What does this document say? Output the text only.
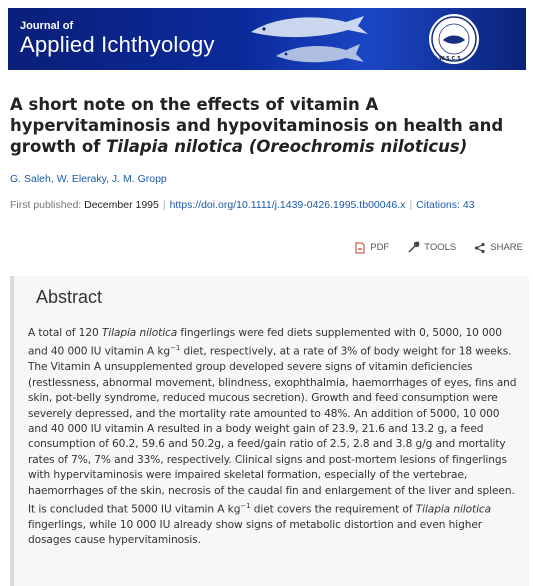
Journal of
Applied Ichthyology
W.S.C.S.
A short note on the effects of vitamin A hypervitaminosis and hypovitaminosis on health and growth of Tilapia nilotica (Oreochromis niloticus)
G. Saleh, W. Eleraky, J. M. Gropp
First published: December 1995 | https://doi.org/10.1111/j.1439-0426.1995.tb00046.x | Citations: 43
PDF	TOOLS	SHARE
Abstract

A total of 120 Tilapia nilotica fingerlings were fed diets supplemented with 0, 5000, 10 000 and 40 000 IU vitamin A $kg^{-1}$ diet, respectively, at a rate of 3% of body weight for 18 weeks. The Vitamin A unsupplemented group developed severe signs of vitamin deficiencies (restlessness, abnormal movement, blindness, exophthalmia, haemorrhages of eyes, fins and skin, pot-belly syndrome, reduced mucous secretion). Growth and feed consumption were severely depressed, and the mortality rate amounted to 48%. An addition of 5000, 10 000 and 40 000 IU vitamin A resulted in a body weight gain of 23.9, 21.6 and 13.2 g, a feed consumption of 60.2, 59.6 and 50.2g, a feed/gain ratio of 2.5, 2.8 and 3.8 g/g and mortality rates of 7%, 7% and 33%, respectively. Clinical signs and post-mortem lesions of fingerlings with hypervitaminosis were impaired skeletal formation, especially of the vertebrae, haemorrhages of the skin, necrosis of the caudal fin and enlargement of the liver and spleen. It is concluded that 5000 IU vitamin A $kg^{-1}$ diet covers the requirement of Tilapia nilotica fingerlings, while 10 000 IU already show signs of metabolic distortion and even higher dosages cause hypervitaminosis.
